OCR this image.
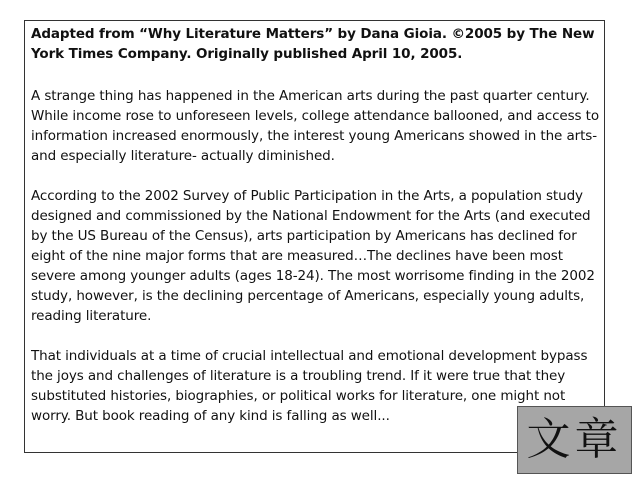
Adapted from “Why Literature Matters” by Dana Gioia. ©2005 by The New York Times Company. Originally published April 10, 2005.

A strange thing has happened in the American arts during the past quarter century. While income rose to unforeseen levels, college attendance ballooned, and access to information increased enormously, the interest young Americans showed in the arts- and especially literature- actually diminished.

According to the 2002 Survey of Public Participation in the Arts, a population study designed and commissioned by the National Endowment for the Arts (and executed by the US Bureau of the Census), arts participation by Americans has declined for eight of the nine major forms that are measured…The declines have been most severe among younger adults (ages 18-24). The most worrisome finding in the 2002 study, however, is the declining percentage of Americans, especially young adults, reading literature.

That individuals at a time of crucial intellectual and emotional development bypass the joys and challenges of literature is a troubling trend. If it were true that they substituted histories, biographies, or political works for literature, one might not worry. But book reading of any kind is falling as well...	文章
